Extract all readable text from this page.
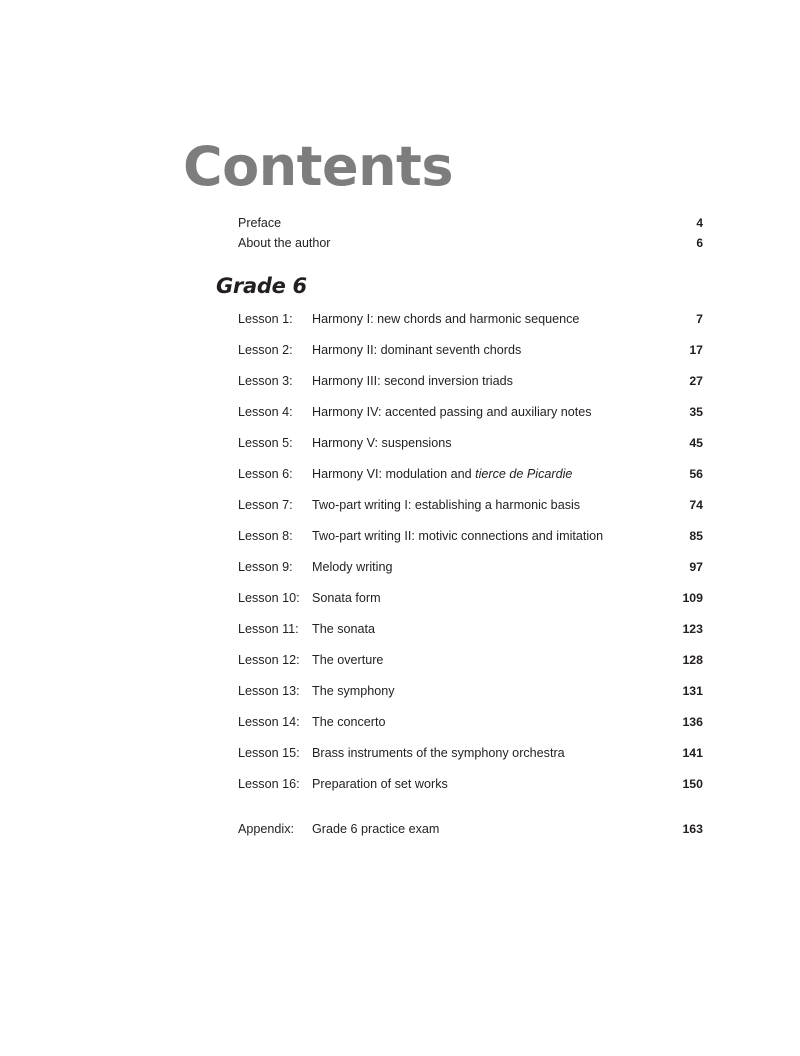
Contents
Preface	4
About the author	6
Grade 6
Lesson 1:	Harmony I: new chords and harmonic sequence	7
Lesson 2:	Harmony II: dominant seventh chords	17
Lesson 3:	Harmony III: second inversion triads	27
Lesson 4:	Harmony IV: accented passing and auxiliary notes	35
Lesson 5:	Harmony V: suspensions	45
Lesson 6:	Harmony VI: modulation and tierce de Picardie	56
Lesson 7:	Two-part writing I: establishing a harmonic basis	74
Lesson 8:	Two-part writing II: motivic connections and imitation	85
Lesson 9:	Melody writing	97
Lesson 10: Sonata form	109
Lesson 11:	The sonata	123
Lesson 12: The overture	128
Lesson 13: The symphony	131
Lesson 14: The concerto	136
Lesson 15: Brass instruments of the symphony orchestra	141
Lesson 16: Preparation of set works	150
Appendix:	Grade 6 practice exam	163
